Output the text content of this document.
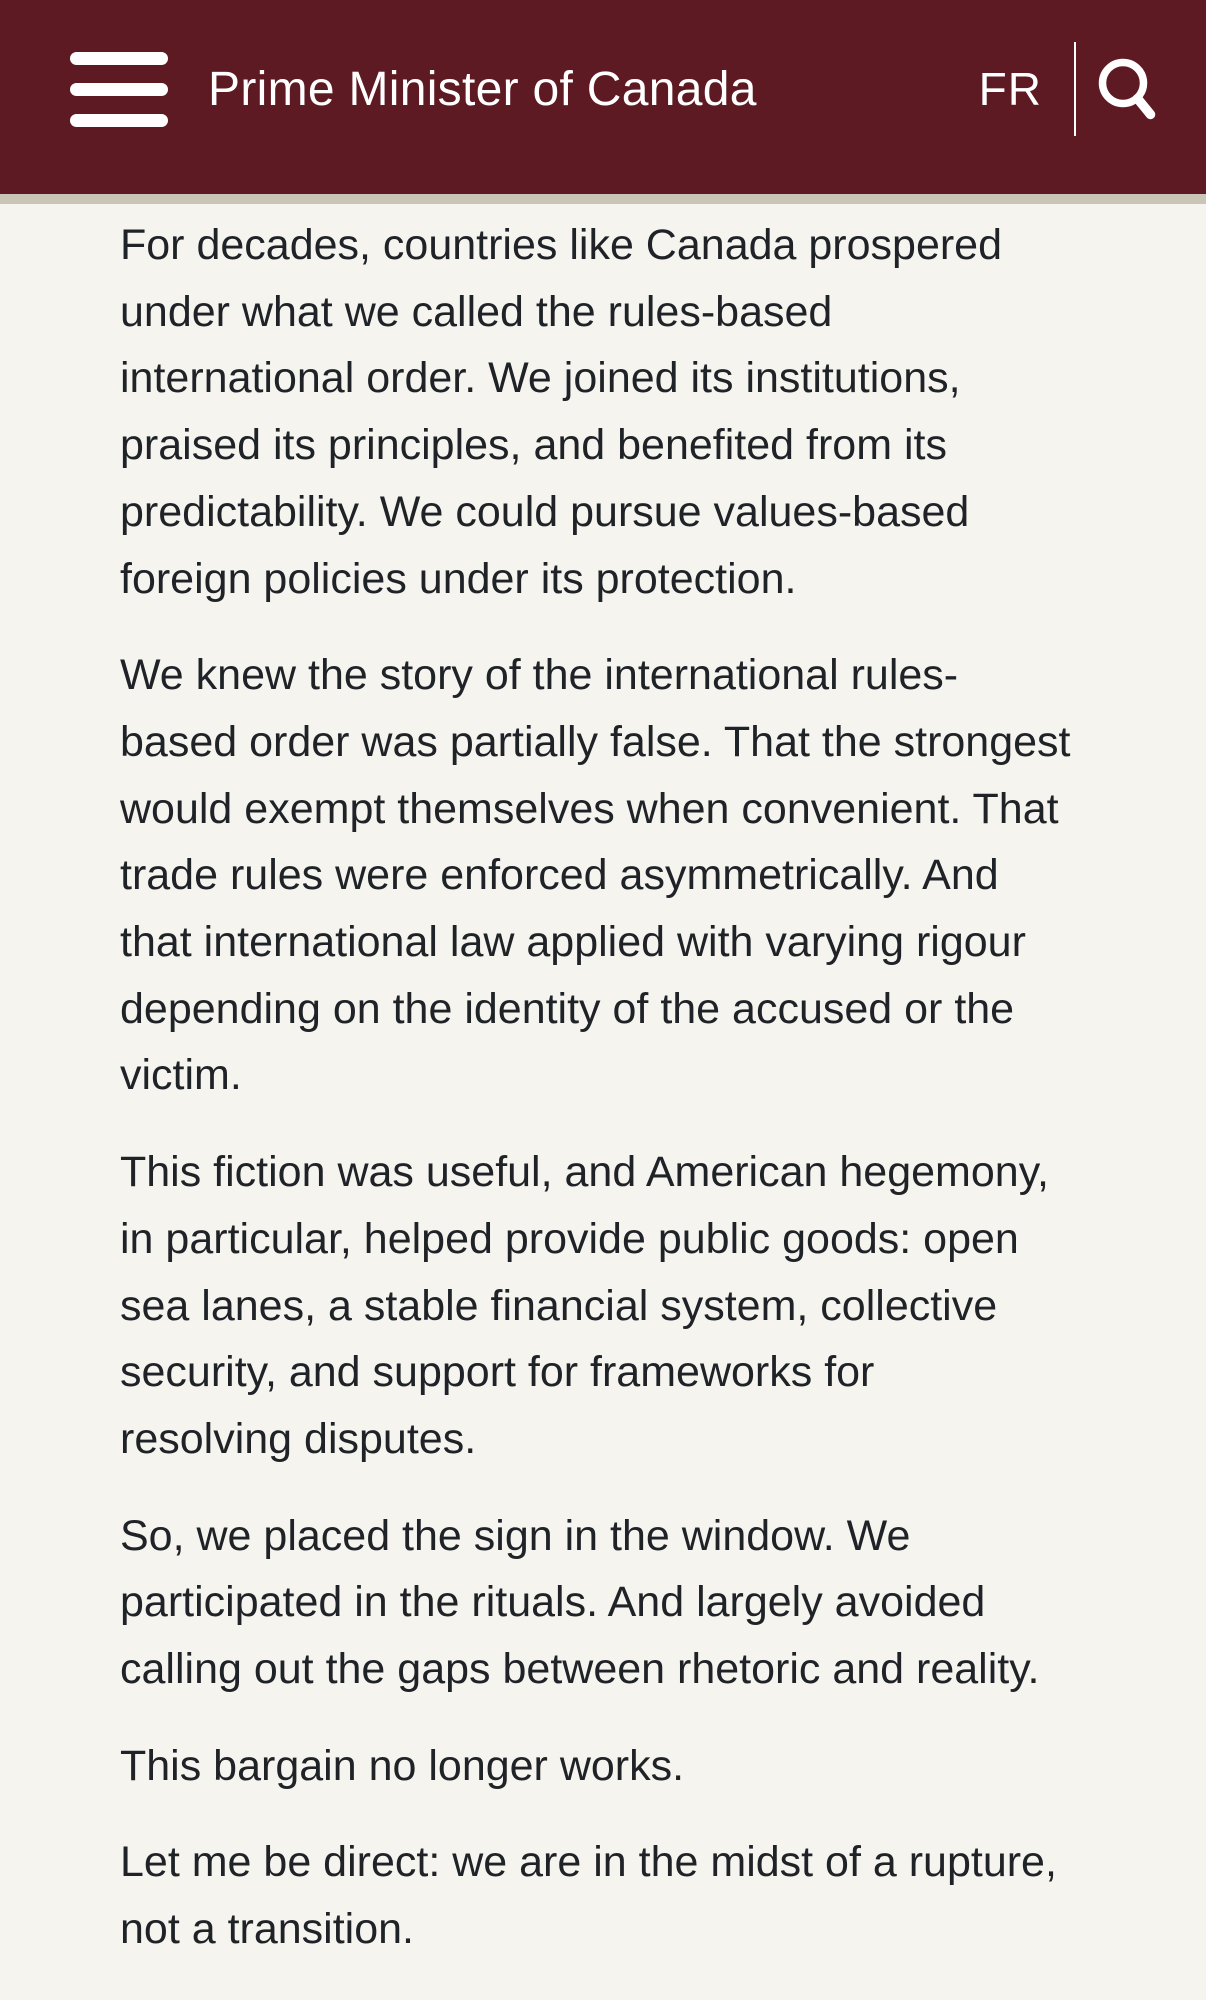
Prime Minister of Canada	FR

For decades, countries like Canada prospered
under what we called the rules-based
international order. We joined its institutions,
praised its principles, and benefited from its
predictability. We could pursue values-based
foreign policies under its protection.

We knew the story of the international rules-
based order was partially false. That the strongest
would exempt themselves when convenient. That
trade rules were enforced asymmetrically. And
that international law applied with varying rigour
depending on the identity of the accused or the
victim.

This fiction was useful, and American hegemony,
in particular, helped provide public goods: open
sea lanes, a stable financial system, collective
security, and support for frameworks for
resolving disputes.

So, we placed the sign in the window. We
participated in the rituals. And largely avoided
calling out the gaps between rhetoric and reality.

This bargain no longer works.

Let me be direct: we are in the midst of a rupture,
not a transition.
